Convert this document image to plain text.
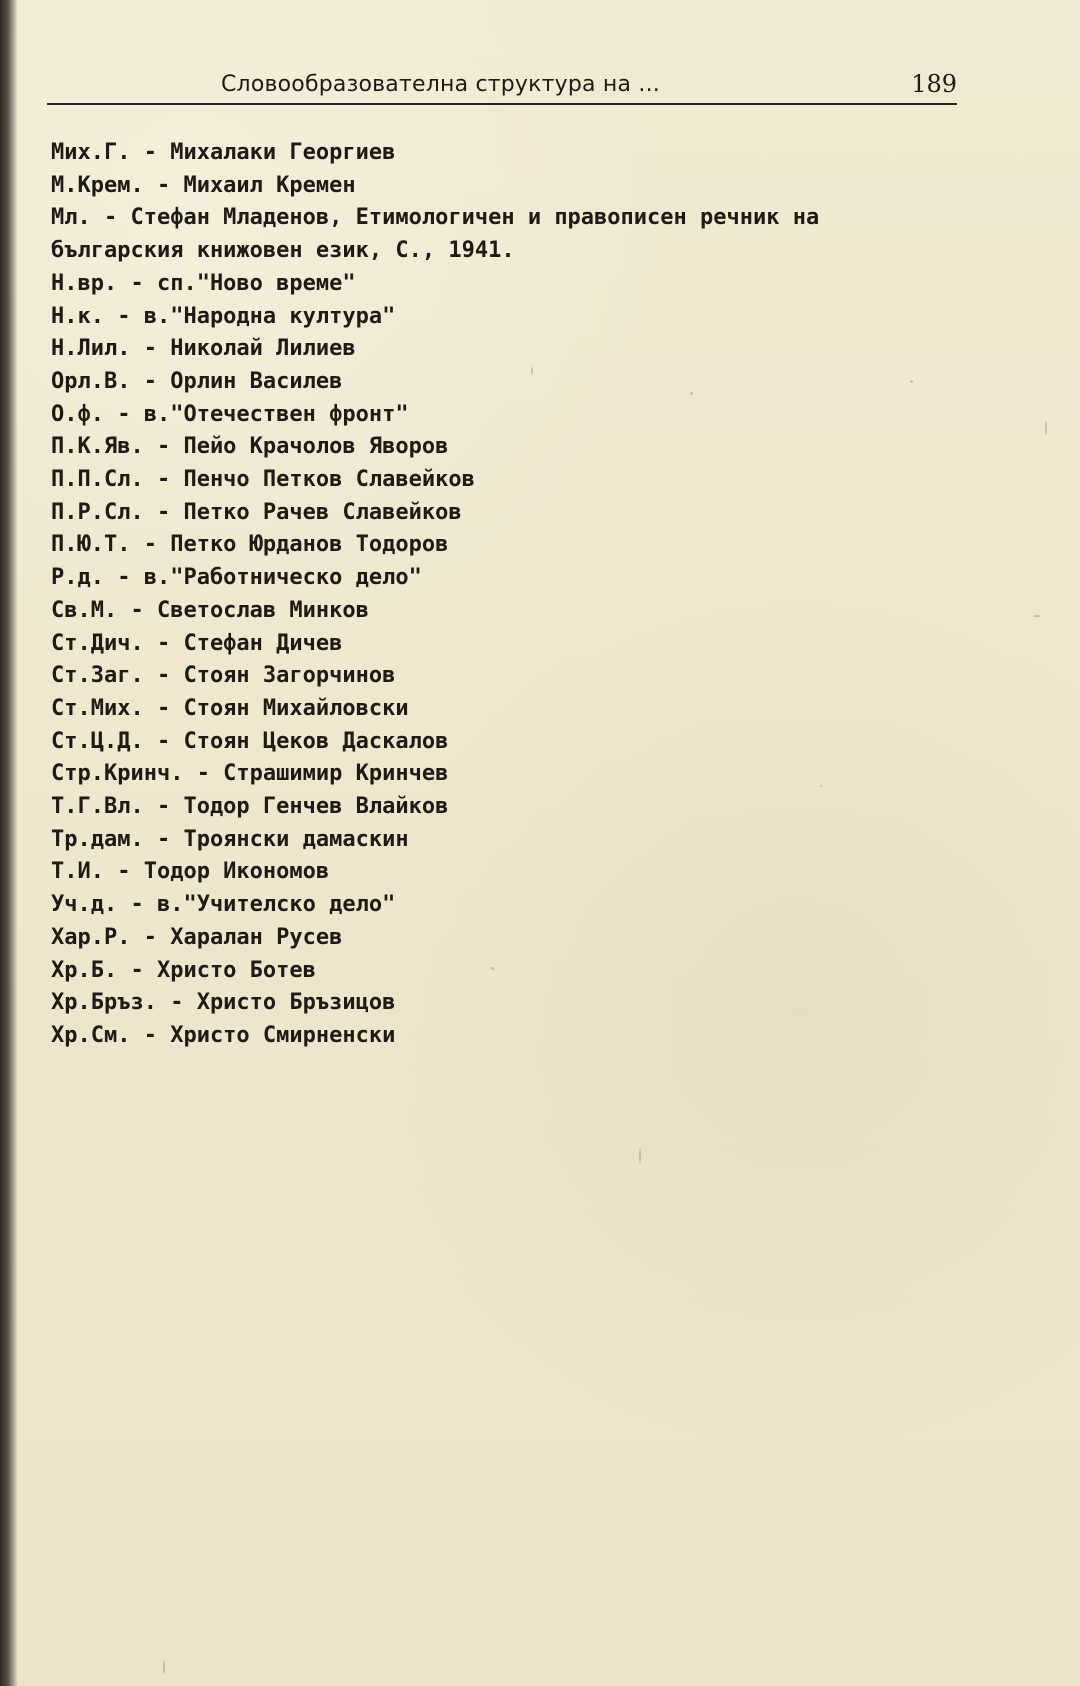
Словообразователна структура на ...	189
Мих.Г. - Михалаки Георгиев
М.Крем. - Михаил Кремен
Мл. - Стефан Младенов, Етимологичен и правописен речник на българския книжовен език, С., 1941.
Н.вр. - сп."Ново време"
Н.к. - в."Народна култура"
Н.Лил. - Николай Лилиев
Орл.В. - Орлин Василев
О.ф. - в."Отечествен фронт"
П.К.Яв. - Пейо Крачолов Яворов
П.П.Сл. - Пенчо Петков Славейков
П.Р.Сл. - Петко Рачев Славейков
П.Ю.Т. - Петко Юрданов Тодоров
Р.д. - в."Работническо дело"
Св.М. - Светослав Минков
Ст.Дич. - Стефан Дичев
Ст.Заг. - Стоян Загорчинов
Ст.Мих. - Стоян Михайловски
Ст.Ц.Д. - Стоян Цеков Даскалов
Стр.Кринч. - Страшимир Кринчев
Т.Г.Вл. - Тодор Генчев Влайков
Тр.дам. - Троянски дамаскин
Т.И. - Тодор Икономов
Уч.д. - в."Учителско дело"
Хар.Р. - Харалан Русев
Хр.Б. - Христо Ботев
Хр.Бръз. - Христо Бръзицов
Хр.См. - Христо Смирненски
